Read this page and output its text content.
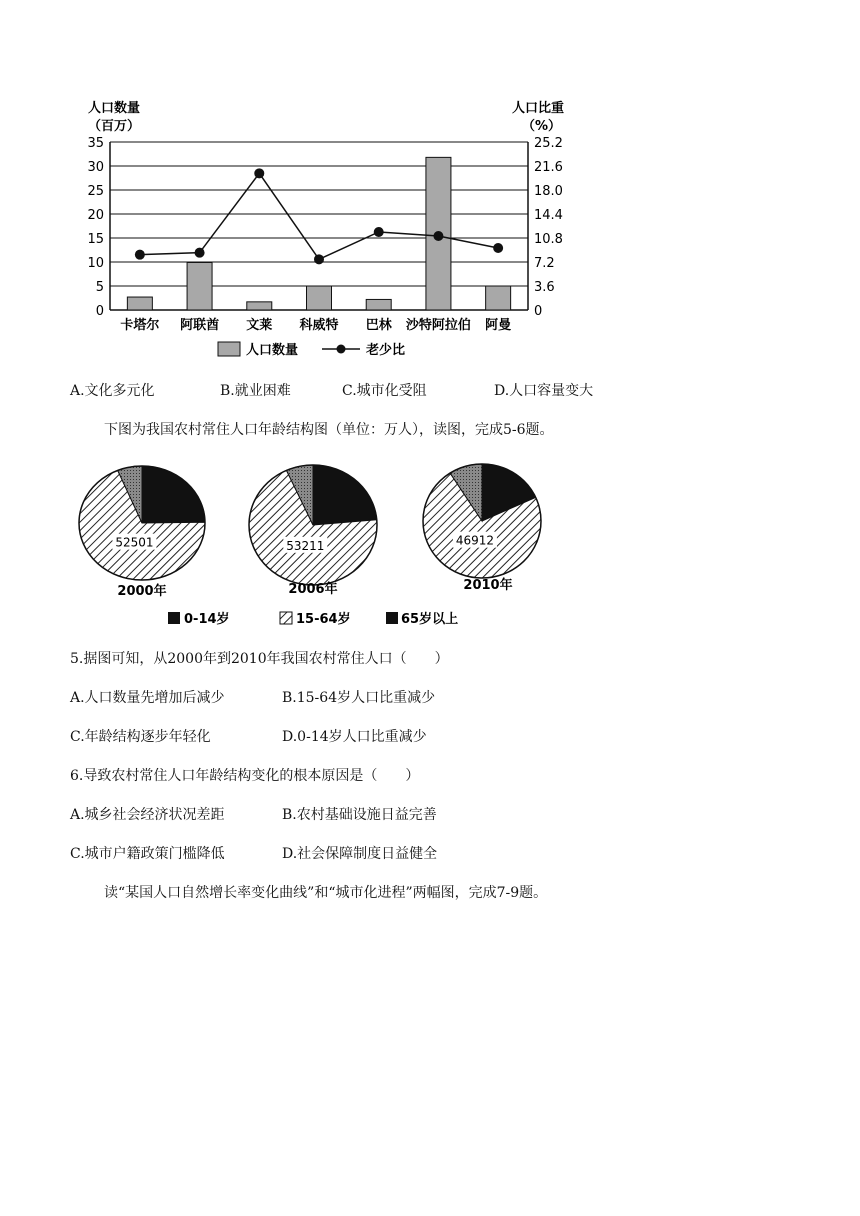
人口数量
（百万）
人口比重
（%）
0	0
5	3.6
10	7.2
15	10.8
20	14.4
25	18.0
30	21.6
35	25.2
卡塔尔 阿联酋 文莱 科威特 巴林 沙特阿拉伯 阿曼
人口数量	老少比
A.文化多元化	B.就业困难	C.城市化受阻	D.人口容量变大
下图为我国农村常住人口年龄结构图（单位：万人），读图，完成5-6题。
52501
2000年
53211
2006年
46912
2010年
0-14岁	15-64岁	65岁以上
5.据图可知，从2000年到2010年我国农村常住人口（　　）
A.人口数量先增加后减少	B.15-64岁人口比重减少
C.年龄结构逐步年轻化	D.0-14岁人口比重减少
6.导致农村常住人口年龄结构变化的根本原因是（　　）
A.城乡社会经济状况差距	B.农村基础设施日益完善
C.城市户籍政策门槛降低	D.社会保障制度日益健全
读“某国人口自然增长率变化曲线”和“城市化进程”两幅图，完成7-9题。
